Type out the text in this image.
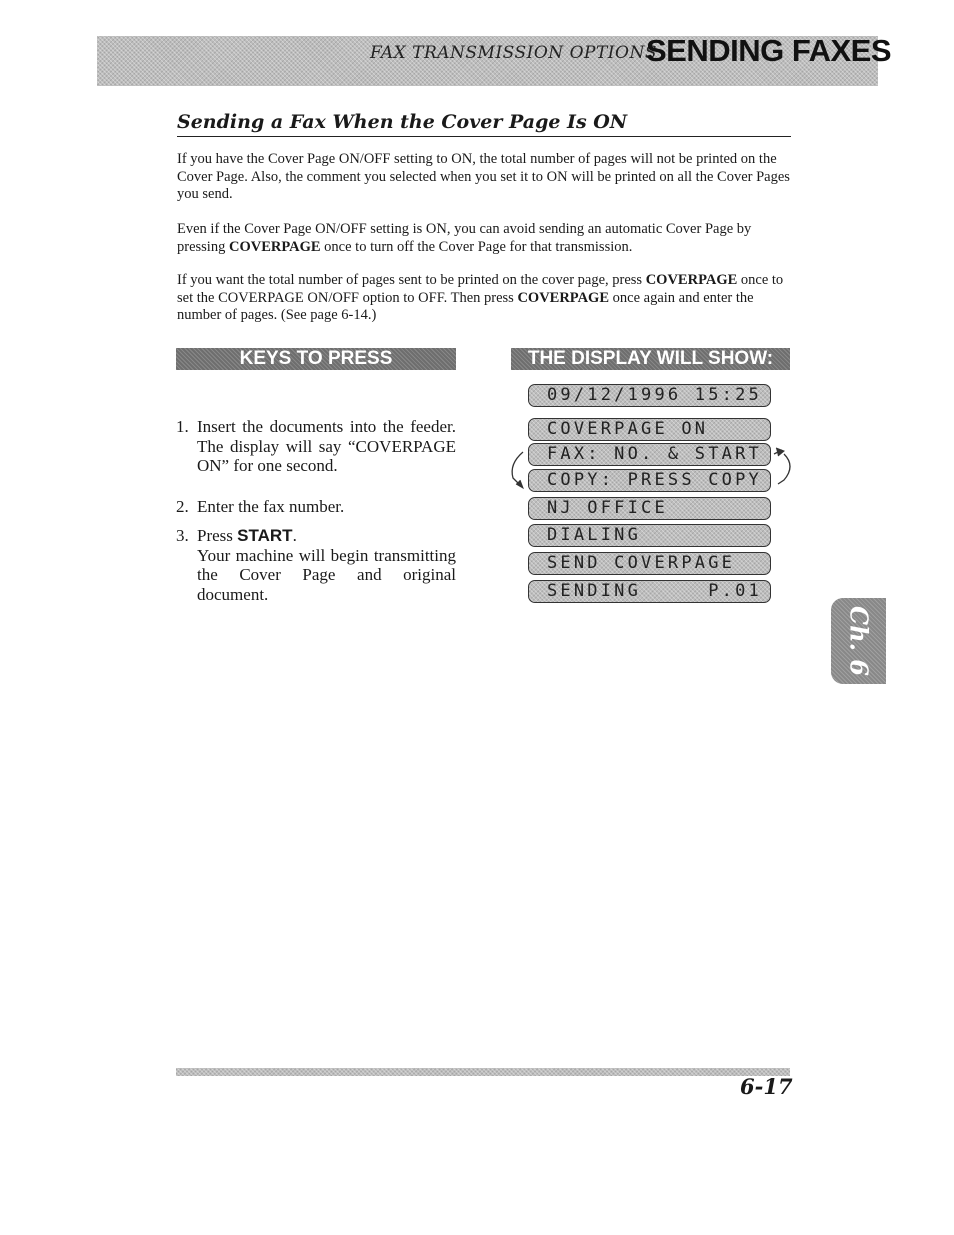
FAX TRANSMISSION OPTIONS
SENDING FAXES
Sending a Fax When the Cover Page Is ON
If you have the Cover Page ON/OFF setting to ON, the total number of pages will not be printed on the Cover Page. Also, the comment you selected when you set it to ON will be printed on all the Cover Pages you send.
Even if the Cover Page ON/OFF setting is ON, you can avoid sending an automatic Cover Page by pressing COVERPAGE once to turn off the Cover Page for that transmission.
If you want the total number of pages sent to be printed on the cover page, press COVERPAGE once to set the COVERPAGE ON/OFF option to OFF. Then press COVERPAGE once again and enter the number of pages. (See page 6-14.)
KEYS TO PRESS	THE DISPLAY WILL SHOW:
1. Insert the documents into the feeder. The display will say “COVERPAGE ON” for one second.
2. Enter the fax number.
3. Press START.
Your machine will begin transmitting the Cover Page and original document.
09/12/1996 15:25
COVERPAGE ON
FAX: NO. & START
COPY: PRESS COPY
NJ OFFICE
DIALING
SEND COVERPAGE
SENDING     P.01
Ch. 6
6-17
